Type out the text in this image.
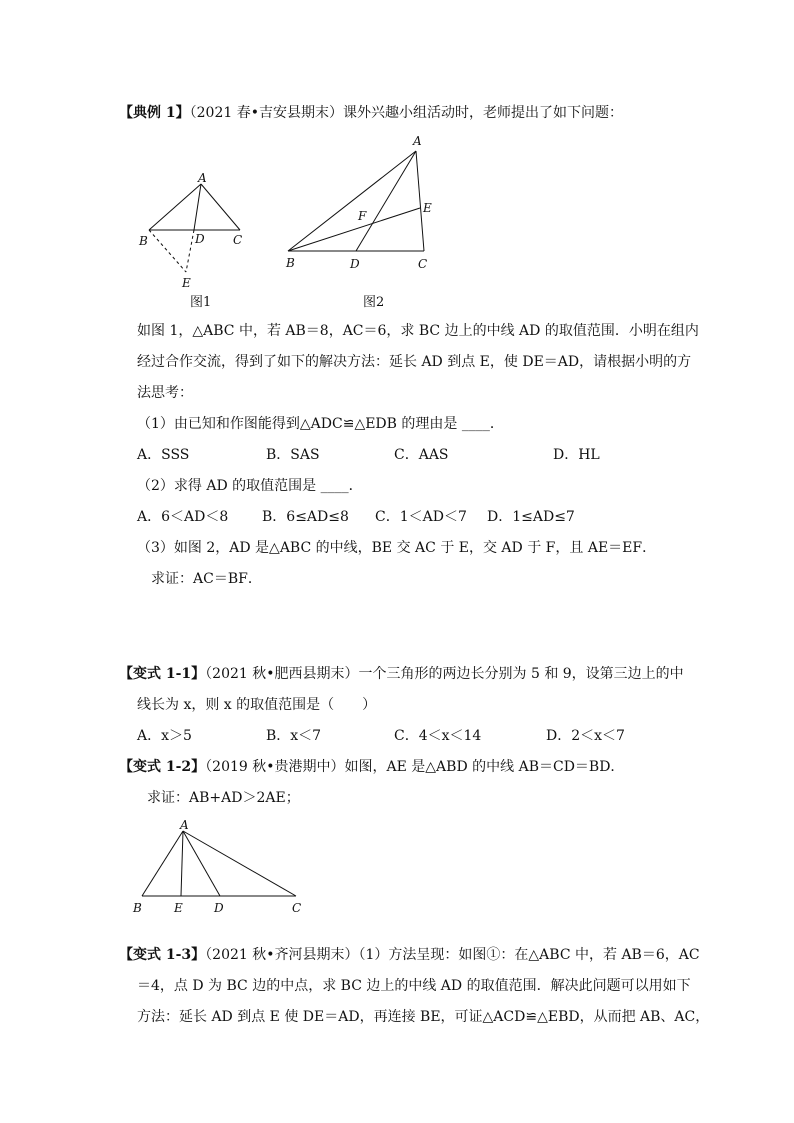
【典例 1】（2021 春•吉安县期末）课外兴趣小组活动时，老师提出了如下问题：
A
B	D C
E
图1
A
F
E
B	D	C
图2
如图 1，△ABC 中，若 AB＝8，AC＝6，求 BC 边上的中线 AD 的取值范围．小明在组内
经过合作交流，得到了如下的解决方法：延长 AD 到点 E，使 DE＝AD，请根据小明的方
法思考：
（1）由已知和作图能得到△ADC≌△EDB 的理由是 ____．
A．SSS	B．SAS	C．AAS	D．HL
（2）求得 AD 的取值范围是 ____．
A．6＜AD＜8 B．6≤AD≤8 C．1＜AD＜7 D．1≤AD≤7
（3）如图 2，AD 是△ABC 的中线，BE 交 AC 于 E，交 AD 于 F，且 AE＝EF．
求证：AC＝BF．
【变式 1-1】（2021 秋•肥西县期末）一个三角形的两边长分别为 5 和 9，设第三边上的中
线长为 x，则 x 的取值范围是（　　）
A．x＞5	B．x＜7	C．4＜x＜14	D．2＜x＜7
【变式 1-2】（2019 秋•贵港期中）如图，AE 是△ABD 的中线 AB＝CD＝BD．
求证：AB+AD＞2AE；
A
B	E	D	C
【变式 1-3】（2021 秋•齐河县期末）（1）方法呈现：如图①：在△ABC 中，若 AB＝6，AC
＝4，点 D 为 BC 边的中点，求 BC 边上的中线 AD 的取值范围．解决此问题可以用如下
方法：延长 AD 到点 E 使 DE＝AD，再连接 BE，可证△ACD≌△EBD，从而把 AB、AC，
